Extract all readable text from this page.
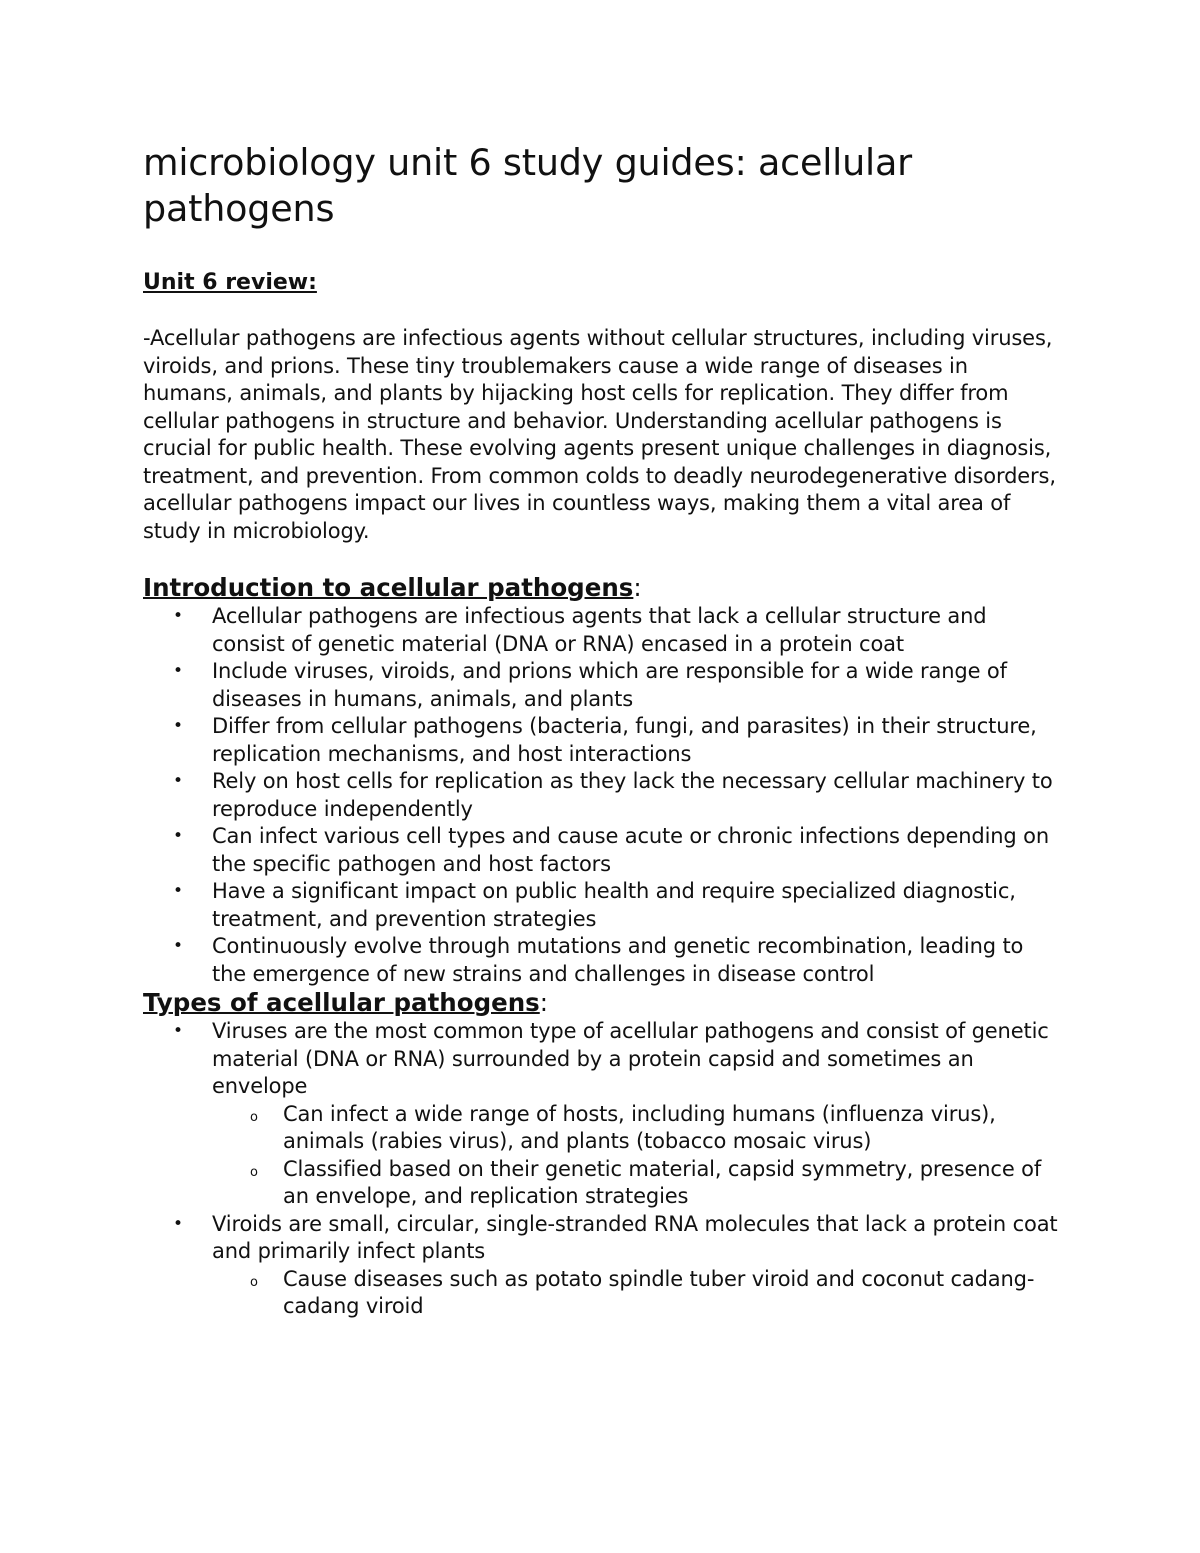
microbiology unit 6 study guides: acellular pathogens
Unit 6 review:

-Acellular pathogens are infectious agents without cellular structures, including viruses, viroids, and prions. These tiny troublemakers cause a wide range of diseases in humans, animals, and plants by hijacking host cells for replication. They differ from cellular pathogens in structure and behavior. Understanding acellular pathogens is crucial for public health. These evolving agents present unique challenges in diagnosis, treatment, and prevention. From common colds to deadly neurodegenerative disorders, acellular pathogens impact our lives in countless ways, making them a vital area of study in microbiology.

Introduction to acellular pathogens:
• Acellular pathogens are infectious agents that lack a cellular structure and consist of genetic material (DNA or RNA) encased in a protein coat
• Include viruses, viroids, and prions which are responsible for a wide range of diseases in humans, animals, and plants
• Differ from cellular pathogens (bacteria, fungi, and parasites) in their structure, replication mechanisms, and host interactions
• Rely on host cells for replication as they lack the necessary cellular machinery to reproduce independently
• Can infect various cell types and cause acute or chronic infections depending on the specific pathogen and host factors
• Have a significant impact on public health and require specialized diagnostic, treatment, and prevention strategies
• Continuously evolve through mutations and genetic recombination, leading to the emergence of new strains and challenges in disease control
Types of acellular pathogens:
• Viruses are the most common type of acellular pathogens and consist of genetic material (DNA or RNA) surrounded by a protein capsid and sometimes an envelope
o Can infect a wide range of hosts, including humans (influenza virus), animals (rabies virus), and plants (tobacco mosaic virus)
o Classified based on their genetic material, capsid symmetry, presence of an envelope, and replication strategies
• Viroids are small, circular, single-stranded RNA molecules that lack a protein coat and primarily infect plants
o Cause diseases such as potato spindle tuber viroid and coconut cadang-cadang viroid
